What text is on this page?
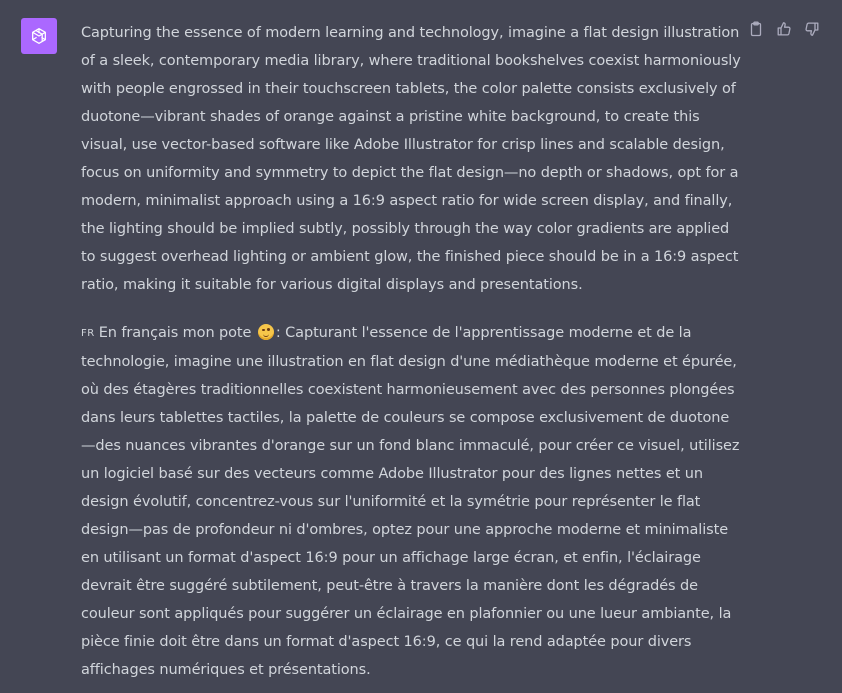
Capturing the essence of modern learning and technology, imagine a flat design illustration of a sleek, contemporary media library, where traditional bookshelves coexist harmoniously with people engrossed in their touchscreen tablets, the color palette consists exclusively of duotone—vibrant shades of orange against a pristine white background, to create this visual, use vector-based software like Adobe Illustrator for crisp lines and scalable design, focus on uniformity and symmetry to depict the flat design—no depth or shadows, opt for a modern, minimalist approach using a 16:9 aspect ratio for wide screen display, and finally, the lighting should be implied subtly, possibly through the way color gradients are applied to suggest overhead lighting or ambient glow, the finished piece should be in a 16:9 aspect ratio, making it suitable for various digital displays and presentations.

FR En français mon pote : Capturant l'essence de l'apprentissage moderne et de la technologie, imagine une illustration en flat design d'une médiathèque moderne et épurée, où des étagères traditionnelles coexistent harmonieusement avec des personnes plongées dans leurs tablettes tactiles, la palette de couleurs se compose exclusivement de duotone—des nuances vibrantes d'orange sur un fond blanc immaculé, pour créer ce visuel, utilisez un logiciel basé sur des vecteurs comme Adobe Illustrator pour des lignes nettes et un design évolutif, concentrez-vous sur l'uniformité et la symétrie pour représenter le flat design—pas de profondeur ni d'ombres, optez pour une approche moderne et minimaliste en utilisant un format d'aspect 16:9 pour un affichage large écran, et enfin, l'éclairage devrait être suggéré subtilement, peut-être à travers la manière dont les dégradés de couleur sont appliqués pour suggérer un éclairage en plafonnier ou une lueur ambiante, la pièce finie doit être dans un format d'aspect 16:9, ce qui la rend adaptée pour divers affichages numériques et présentations.
